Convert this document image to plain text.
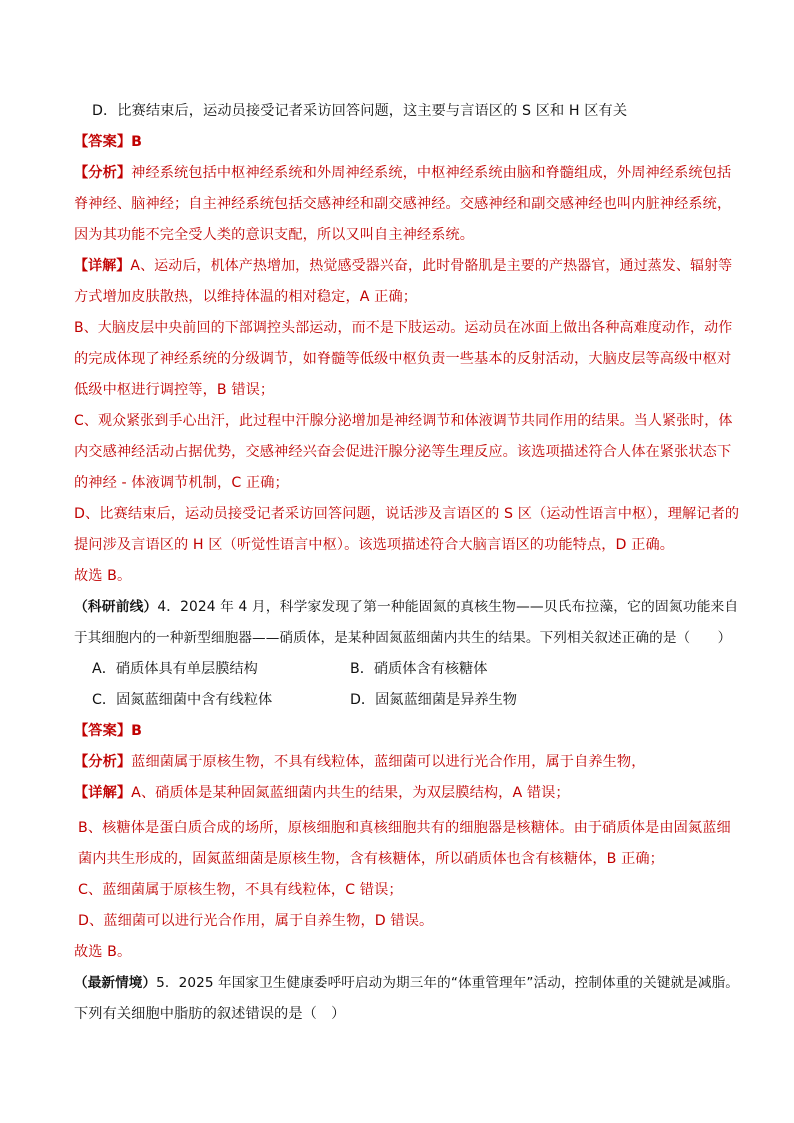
D．比赛结束后，运动员接受记者采访回答问题，这主要与言语区的 S 区和 H 区有关
【答案】B
【分析】神经系统包括中枢神经系统和外周神经系统，中枢神经系统由脑和脊髓组成，外周神经系统包括
脊神经、脑神经；自主神经系统包括交感神经和副交感神经。交感神经和副交感神经也叫内脏神经系统，
因为其功能不完全受人类的意识支配，所以又叫自主神经系统。
【详解】A、运动后，机体产热增加，热觉感受器兴奋，此时骨骼肌是主要的产热器官，通过蒸发、辐射等
方式增加皮肤散热，以维持体温的相对稳定，A 正确；
B、大脑皮层中央前回的下部调控头部运动，而不是下肢运动。运动员在冰面上做出各种高难度动作，动作
的完成体现了神经系统的分级调节，如脊髓等低级中枢负责一些基本的反射活动，大脑皮层等高级中枢对
低级中枢进行调控等，B 错误；
C、观众紧张到手心出汗，此过程中汗腺分泌增加是神经调节和体液调节共同作用的结果。当人紧张时，体
内交感神经活动占据优势，交感神经兴奋会促进汗腺分泌等生理反应。该选项描述符合人体在紧张状态下
的神经 - 体液调节机制，C 正确；
D、比赛结束后，运动员接受记者采访回答问题，说话涉及言语区的 S 区（运动性语言中枢），理解记者的
提问涉及言语区的 H 区（听觉性语言中枢）。该选项描述符合大脑言语区的功能特点，D 正确。
故选 B。
（科研前线）4．2024 年 4 月，科学家发现了第一种能固氮的真核生物——贝氏布拉藻，它的固氮功能来自
于其细胞内的一种新型细胞器——硝质体，是某种固氮蓝细菌内共生的结果。下列相关叙述正确的是（　　）
A．硝质体具有单层膜结构	B．硝质体含有核糖体
C．固氮蓝细菌中含有线粒体	D．固氮蓝细菌是异养生物
【答案】B
【分析】蓝细菌属于原核生物，不具有线粒体，蓝细菌可以进行光合作用，属于自养生物，
【详解】A、硝质体是某种固氮蓝细菌内共生的结果，为双层膜结构，A 错误；
B、核糖体是蛋白质合成的场所，原核细胞和真核细胞共有的细胞器是核糖体。由于硝质体是由固氮蓝细
菌内共生形成的，固氮蓝细菌是原核生物，含有核糖体，所以硝质体也含有核糖体，B 正确；
C、蓝细菌属于原核生物，不具有线粒体，C 错误；
D、蓝细菌可以进行光合作用，属于自养生物，D 错误。
故选 B。
（最新情境）5．2025 年国家卫生健康委呼吁启动为期三年的“体重管理年”活动，控制体重的关键就是减脂。
下列有关细胞中脂肪的叙述错误的是（　）
